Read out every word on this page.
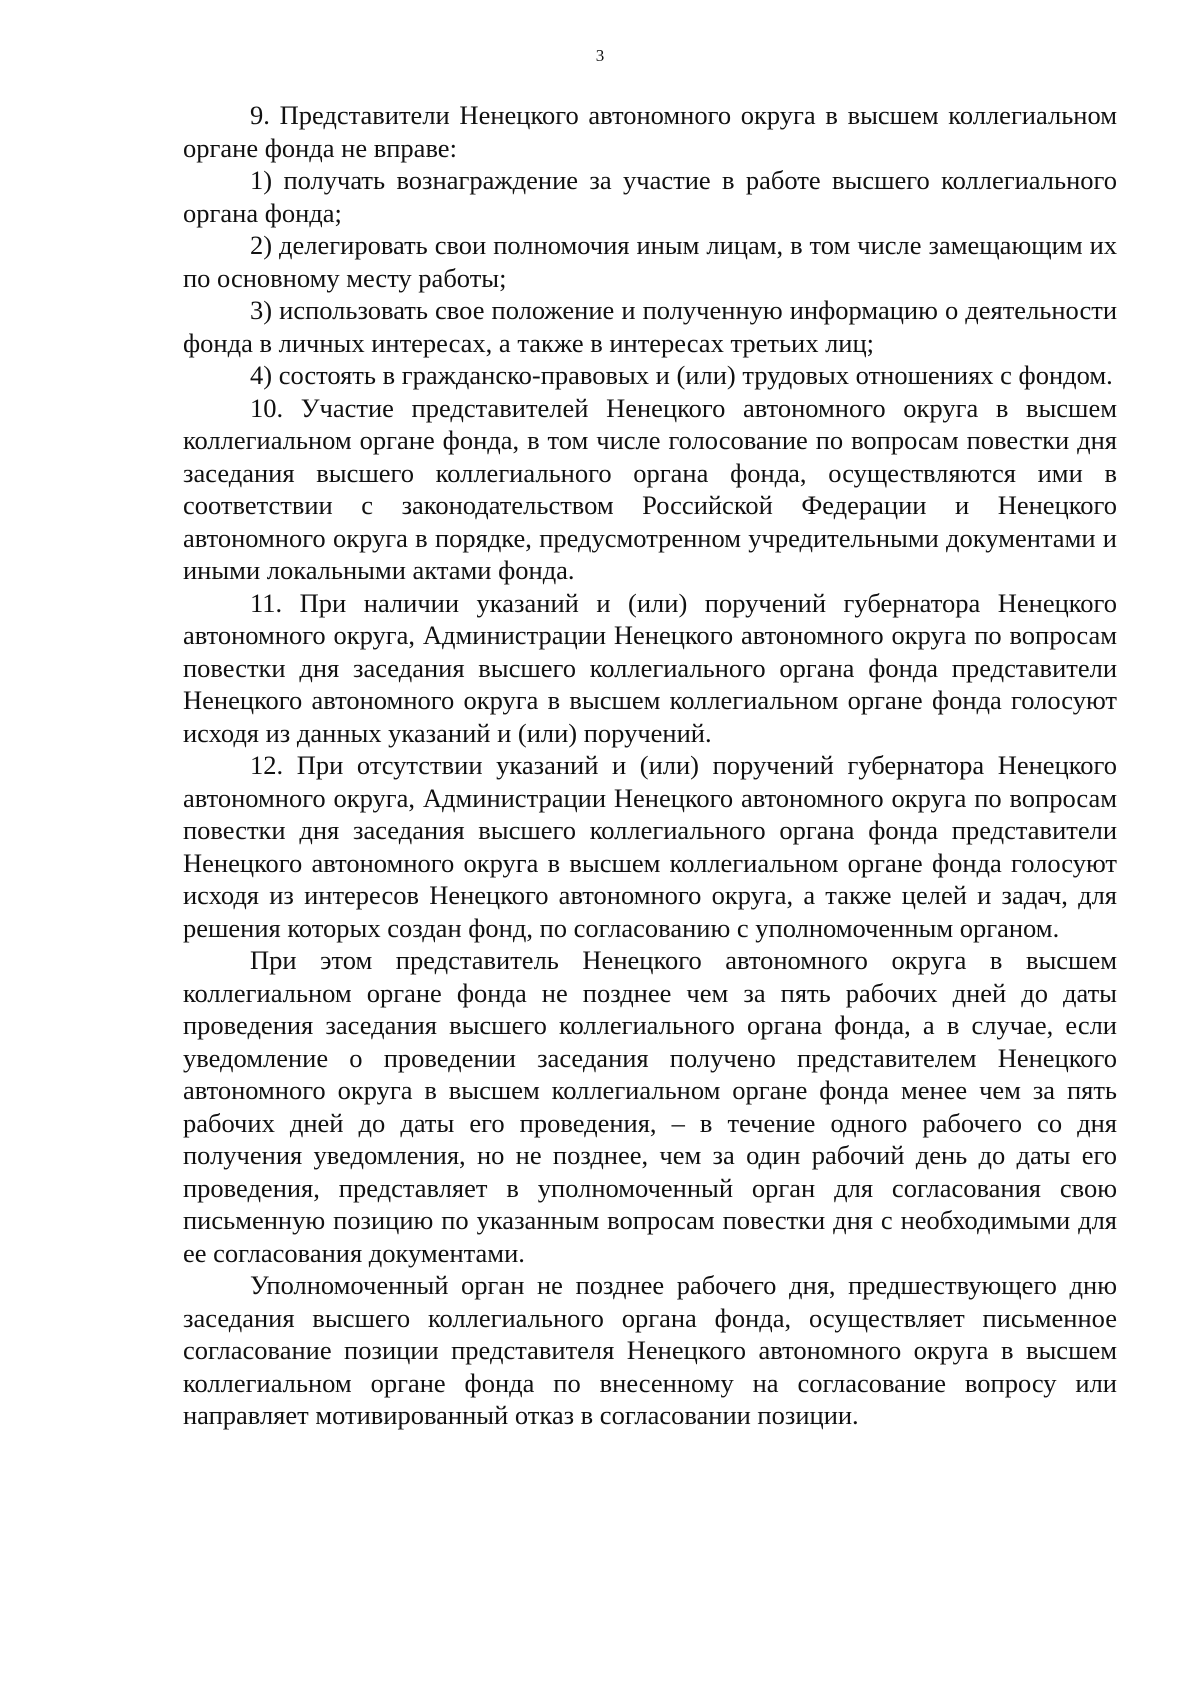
3

9. Представители Ненецкого автономного округа в высшем коллегиальном органе фонда не вправе:

1) получать вознаграждение за участие в работе высшего коллегиального органа фонда;

2) делегировать свои полномочия иным лицам, в том числе замещающим их по основному месту работы;

3) использовать свое положение и полученную информацию о деятельности фонда в личных интересах, а также в интересах третьих лиц;

4) состоять в гражданско-правовых и (или) трудовых отношениях с фондом.

10. Участие представителей Ненецкого автономного округа в высшем коллегиальном органе фонда, в том числе голосование по вопросам повестки дня заседания высшего коллегиального органа фонда, осуществляются ими в соответствии с законодательством Российской Федерации и Ненецкого автономного округа в порядке, предусмотренном учредительными документами и иными локальными актами фонда.

11. При наличии указаний и (или) поручений губернатора Ненецкого автономного округа, Администрации Ненецкого автономного округа по вопросам повестки дня заседания высшего коллегиального органа фонда представители Ненецкого автономного округа в высшем коллегиальном органе фонда голосуют исходя из данных указаний и (или) поручений.

12. При отсутствии указаний и (или) поручений губернатора Ненецкого автономного округа, Администрации Ненецкого автономного округа по вопросам повестки дня заседания высшего коллегиального органа фонда представители Ненецкого автономного округа в высшем коллегиальном органе фонда голосуют исходя из интересов Ненецкого автономного округа, а также целей и задач, для решения которых создан фонд, по согласованию с уполномоченным органом.

При этом представитель Ненецкого автономного округа в высшем коллегиальном органе фонда не позднее чем за пять рабочих дней до даты проведения заседания высшего коллегиального органа фонда, а в случае, если уведомление о проведении заседания получено представителем Ненецкого автономного округа в высшем коллегиальном органе фонда менее чем за пять рабочих дней до даты его проведения, – в течение одного рабочего со дня получения уведомления, но не позднее, чем за один рабочий день до даты его проведения, представляет в уполномоченный орган для согласования свою письменную позицию по указанным вопросам повестки дня с необходимыми для ее согласования документами.

Уполномоченный орган не позднее рабочего дня, предшествующего дню заседания высшего коллегиального органа фонда, осуществляет письменное согласование позиции представителя Ненецкого автономного округа в высшем коллегиальном органе фонда по внесенному на согласование вопросу или направляет мотивированный отказ в согласовании позиции.
